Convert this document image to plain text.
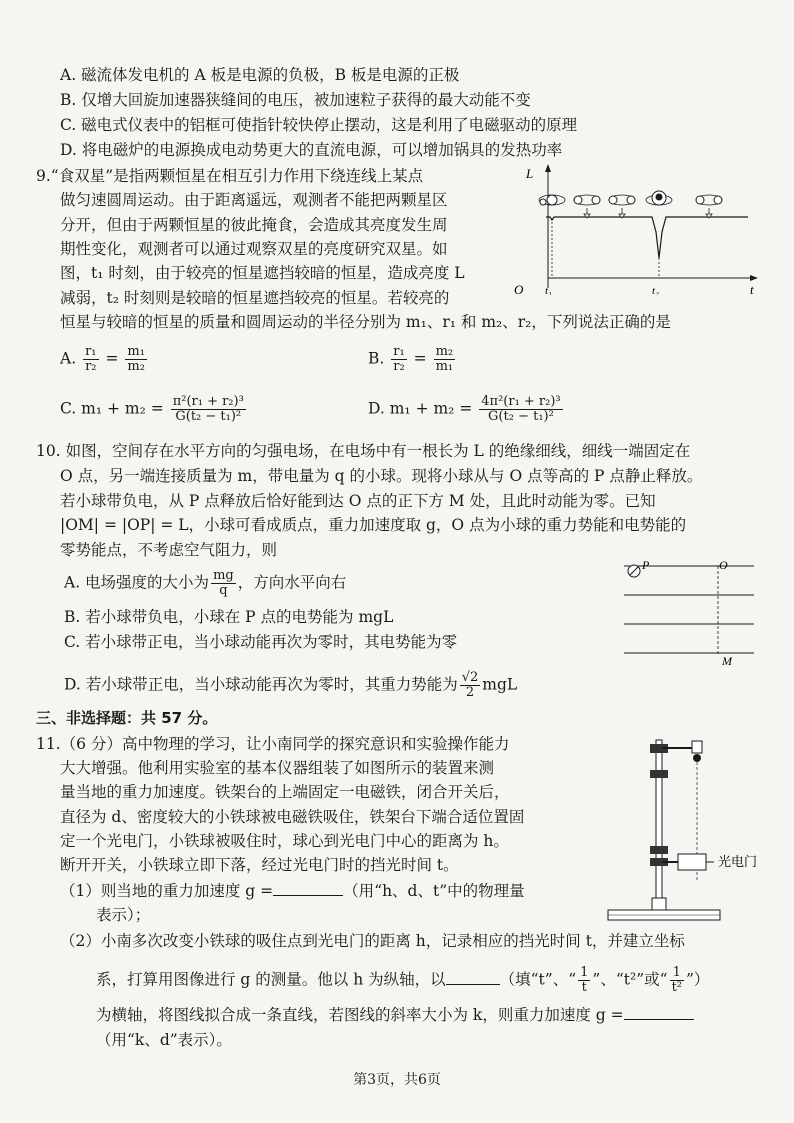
A. 磁流体发电机的 A 板是电源的负极，B 板是电源的正极
B. 仅增大回旋加速器狭缝间的电压，被加速粒子获得的最大动能不变
C. 磁电式仪表中的铝框可使指针较快停止摆动，这是利用了电磁驱动的原理
D. 将电磁炉的电源换成电动势更大的直流电源，可以增加锅具的发热功率
9.“食双星”是指两颗恒星在相互引力作用下绕连线上某点
做匀速圆周运动。由于距离遥远，观测者不能把两颗星区
分开，但由于两颗恒星的彼此掩食，会造成其亮度发生周
期性变化，观测者可以通过观察双星的亮度研究双星。如
图，t₁ 时刻，由于较亮的恒星遮挡较暗的恒星，造成亮度 L
减弱，t₂ 时刻则是较暗的恒星遮挡较亮的恒星。若较亮的
恒星与较暗的恒星的质量和圆周运动的半径分别为 m₁、r₁ 和 m₂、r₂，下列说法正确的是
L
O t₁	t₂	t
A. $\frac{\text{r₁}}{\text{r₂}} = \frac{\text{m₁}}{\text{m₂}}$	B. $\frac{\text{r₁}}{\text{r₂}} = \frac{\text{m₂}}{\text{m₁}}$
C. $m_1 + m_2 = \frac{\text{π²(r₁ + r₂)³}}{\text{G(t₂ − t₁)²}}$	D. $m_1 + m_2 = \frac{\text{4π²(r₁ + r₂)³}}{\text{G(t₂ − t₁)²}}$
10. 如图，空间存在水平方向的匀强电场，在电场中有一根长为 L 的绝缘细线，细线一端固定在
O 点，另一端连接质量为 m，带电量为 q 的小球。现将小球从与 O 点等高的 P 点静止释放。
若小球带负电，从 P 点释放后恰好能到达 O 点的正下方 M 处，且此时动能为零。已知
|OM| = |OP| = L，小球可看成质点，重力加速度取 g，O 点为小球的重力势能和电势能的
零势能点，不考虑空气阻力，则
A. 电场强度的大小为 $\frac{mg}{q}$ ，方向水平向右
B. 若小球带负电，小球在 P 点的电势能为 mgL
C. 若小球带正电，当小球动能再次为零时，其电势能为零
D. 若小球带正电，当小球动能再次为零时，其重力势能为 $\frac{√2}{2}$ mgL
P	O
M
三、非选择题：共 57 分。
11.（6 分）高中物理的学习，让小南同学的探究意识和实验操作能力
大大增强。他利用实验室的基本仪器组装了如图所示的装置来测
量当地的重力加速度。铁架台的上端固定一电磁铁，闭合开关后，
直径为 d、密度较大的小铁球被电磁铁吸住，铁架台下端合适位置固
定一个光电门，小铁球被吸住时，球心到光电门中心的距离为 h。
断开开关，小铁球立即下落，经过光电门时的挡光时间 t。
（1）则当地的重力加速度 g =	（用“h、d、t”中的物理量
表示）；
（2）小南多次改变小铁球的吸住点到光电门的距离 h，记录相应的挡光时间 t，并建立坐标
系，打算用图像进行 g 的测量。他以 h 为纵轴，以	（填“t”、“ $\frac{1}{t}$ ”、“t²”或“ $\frac{1}{\text{t²}}$ ”）
为横轴，将图线拟合成一条直线，若图线的斜率大小为 k，则重力加速度 g =
（用“k、d”表示）。
光电门
第3页，共6页
